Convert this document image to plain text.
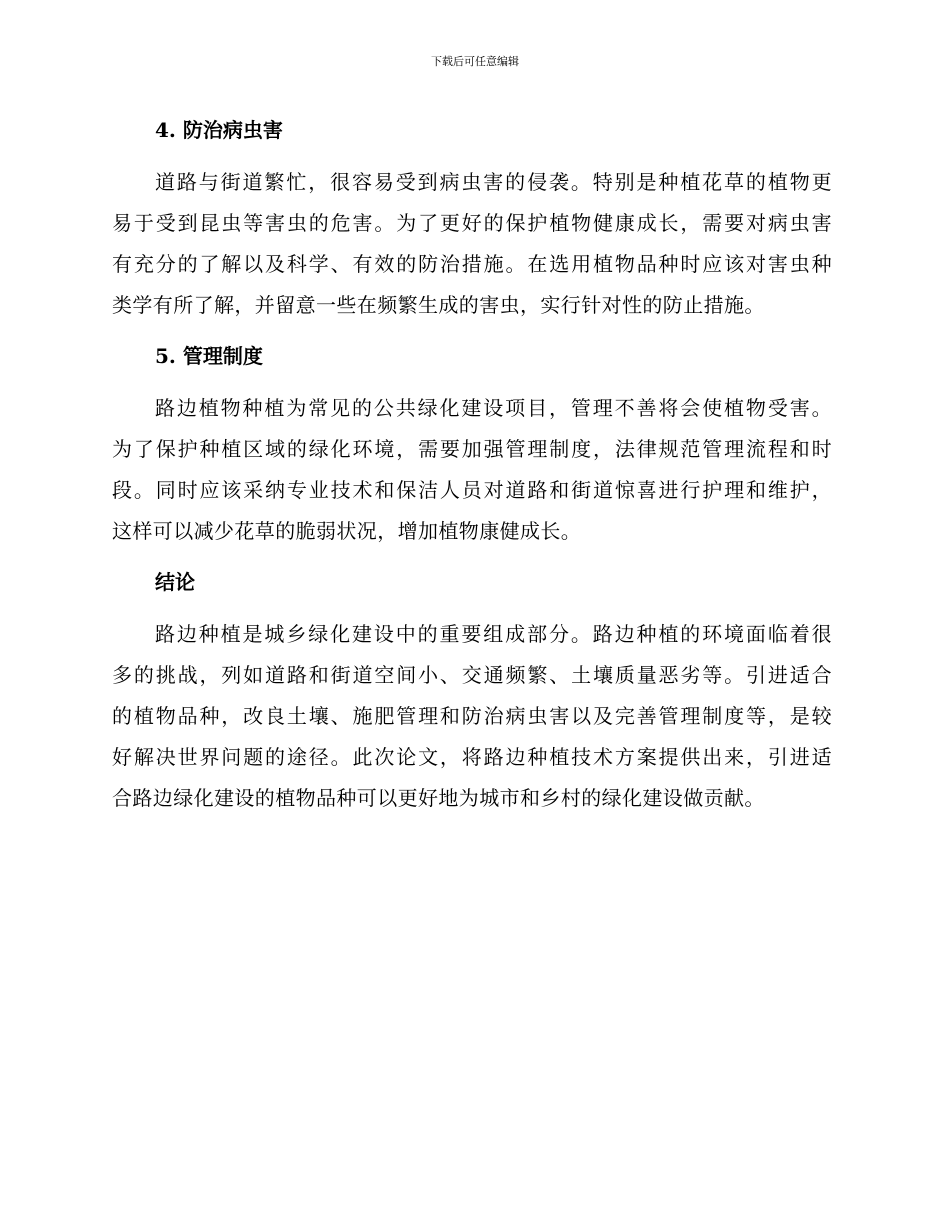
下载后可任意编辑
4. 防治病虫害

道路与街道繁忙，很容易受到病虫害的侵袭。特别是种植花草的植物更
易于受到昆虫等害虫的危害。为了更好的保护植物健康成长，需要对病虫害
有充分的了解以及科学、有效的防治措施。在选用植物品种时应该对害虫种
类学有所了解，并留意一些在频繁生成的害虫，实行针对性的防止措施。

5. 管理制度

路边植物种植为常见的公共绿化建设项目，管理不善将会使植物受害。
为了保护种植区域的绿化环境，需要加强管理制度，法律规范管理流程和时
段。同时应该采纳专业技术和保洁人员对道路和街道惊喜进行护理和维护，
这样可以减少花草的脆弱状况，增加植物康健成长。

结论

路边种植是城乡绿化建设中的重要组成部分。路边种植的环境面临着很
多的挑战，列如道路和街道空间小、交通频繁、土壤质量恶劣等。引进适合
的植物品种，改良土壤、施肥管理和防治病虫害以及完善管理制度等，是较
好解决世界问题的途径。此次论文，将路边种植技术方案提供出来，引进适
合路边绿化建设的植物品种可以更好地为城市和乡村的绿化建设做贡献。
